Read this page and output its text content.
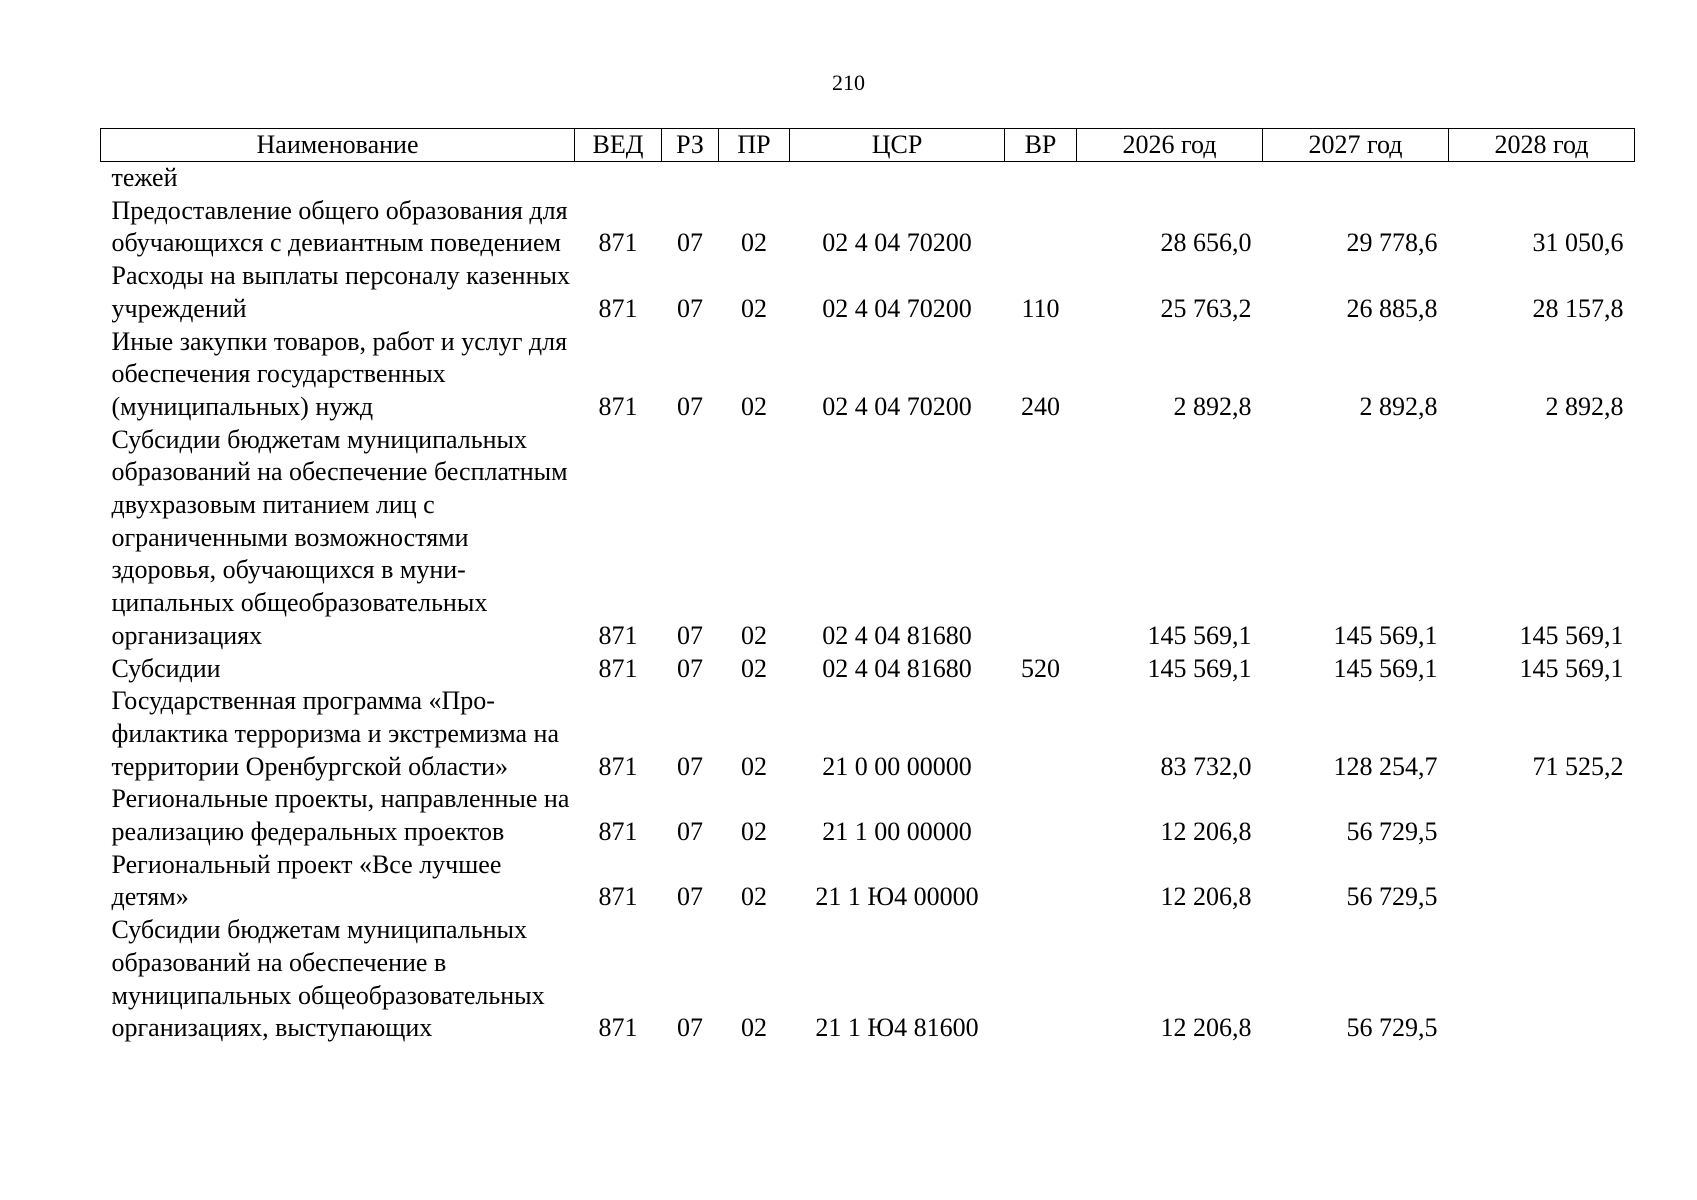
210
Наименование	ВЕД	РЗ	ПР	ЦСР	ВР	2026 год	2027 год	2028 год
тежей								
Предоставление общего образования для обучающихся с девиантным поведением	871	07	02	02 4 04 70200		28 656,0	29 778,6	31 050,6
Расходы на выплаты персоналу казенных учреждений	871	07	02	02 4 04 70200	110	25 763,2	26 885,8	28 157,8
Иные закупки товаров, работ и услуг для обеспечения государственных (муниципальных) нужд	871	07	02	02 4 04 70200	240	2 892,8	2 892,8	2 892,8
Субсидии бюджетам муниципальных образований на обеспечение бесплатным двухразовым питанием лиц с ограниченными возможностями здоровья, обучающихся в муниципальных общеобразовательных организациях	871	07	02	02 4 04 81680		145 569,1	145 569,1	145 569,1
Субсидии	871	07	02	02 4 04 81680	520	145 569,1	145 569,1	145 569,1
Государственная программа «Профилактика терроризма и экстремизма на территории Оренбургской области»	871	07	02	21 0 00 00000		83 732,0	128 254,7	71 525,2
Региональные проекты, направленные на реализацию федеральных проектов	871	07	02	21 1 00 00000		12 206,8	56 729,5	
Региональный проект «Все лучшее детям»	871	07	02	21 1 Ю4 00000		12 206,8	56 729,5	
Субсидии бюджетам муниципальных образований на обеспечение в муниципальных общеобразовательных организациях, выступающих	871	07	02	21 1 Ю4 81600		12 206,8	56 729,5	
